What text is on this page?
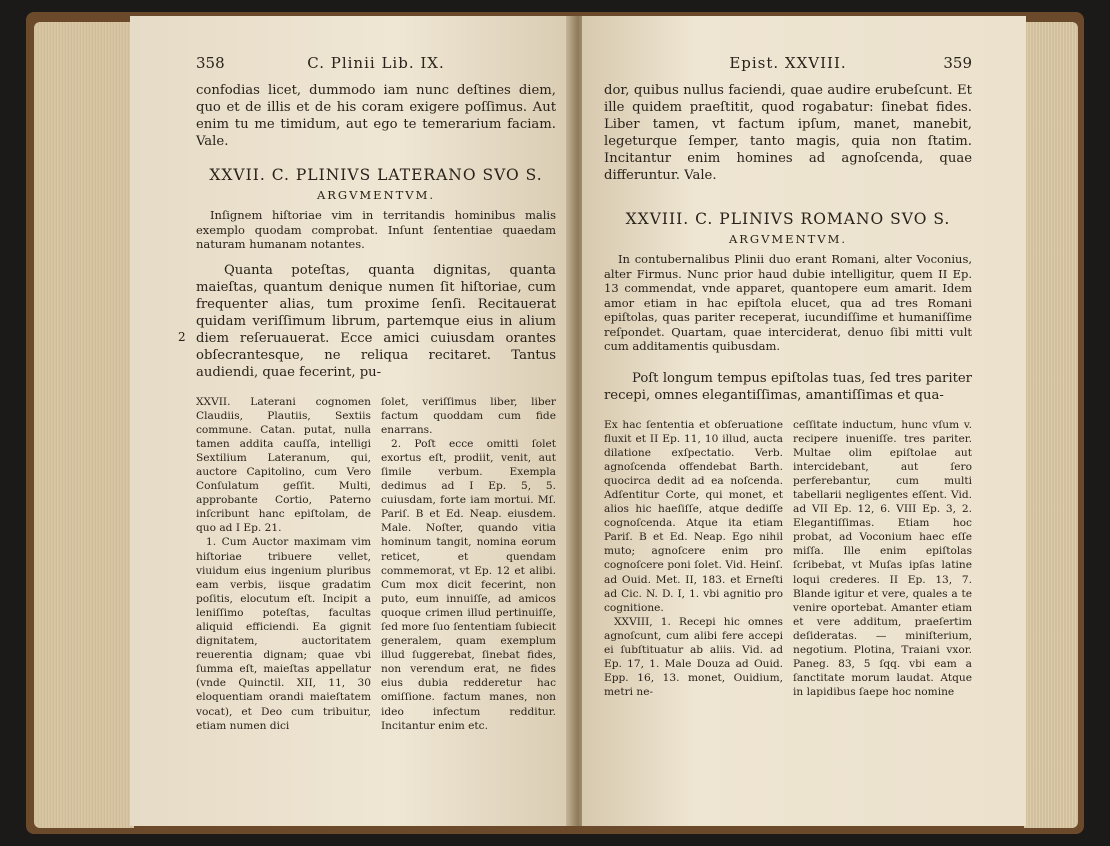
358	C. Plinii Lib. IX.

confodias licet, dummodo iam nunc deſtines diem, quo et de illis et de his coram exigere poſſimus. Aut enim tu me timidum, aut ego te temerarium faciam. Vale.

XXVII. C. PLINIVS LATERANO SVO S.
ARGVMENTVM.

Inſignem hiſtoriae vim in territandis hominibus malis exemplo quodam comprobat. Inſunt ſententiae quaedam naturam humanam notantes.

2

Quanta poteſtas, quanta dignitas, quanta maieſtas, quantum denique numen ſit hiſtoriae, cum frequenter alias, tum proxime ſenſi. Recitauerat quidam veriſſimum librum, partemque eius in alium diem reſeruauerat. Ecce amici cuiusdam orantes obſecrantesque, ne reliqua recitaret. Tantus audiendi, quae fecerint, pu-

XXVII. Laterani cognomen Claudiis, Plautiis, Sextiis commune. Catan. putat, nulla tamen addita cauſſa, intelligi Sextilium Lateranum, qui, auctore Capitolino, cum Vero Conſulatum geſſit. Multi, approbante Cortio, Paterno inſcribunt hanc epiſtolam, de quo ad I Ep. 21.

1. Cum Auctor maximam vim hiſtoriae tribuere vellet, viuidum eius ingenium pluribus eam verbis, iisque gradatim poſitis, elocutum eſt. Incipit a leniſſimo poteſtas, facultas aliquid efficiendi. Ea gignit dignitatem, auctoritatem reuerentia dignam; quae vbi ſumma eſt, maieſtas appellatur (vnde Quinctil. XII, 11, 30 eloquentiam orandi maieſtatem vocat), et Deo cum tribuitur, etiam numen dici

ſolet, veriſſimus liber, liber factum quoddam cum fide enarrans.

2. Poſt ecce omitti ſolet exortus eſt, prodiit, venit, aut ſimile verbum. Exempla dedimus ad I Ep. 5, 5. cuiusdam, forte iam mortui. Mſ. Pariſ. B et Ed. Neap. eiusdem. Male. Noſter, quando vitia hominum tangit, nomina eorum reticet, et quendam commemorat, vt Ep. 12 et alibi. Cum mox dicit fecerint, non puto, eum innuiſſe, ad amicos quoque crimen illud pertinuiſſe, ſed more ſuo ſententiam ſubiecit generalem, quam exemplum illud ſuggerebat, ſinebat fides, non verendum erat, ne fides eius dubia redderetur hac omiſſione. factum manes, non ideo infectum redditur. Incitantur enim etc.

Epist. XXVIII.	359

dor, quibus nullus faciendi, quae audire erubeſcunt. Et ille quidem praeſtitit, quod rogabatur: ſinebat fides. Liber tamen, vt factum ipſum, manet, manebit, legeturque ſemper, tanto magis, quia non ſtatim. Incitantur enim homines ad agnoſcenda, quae differuntur. Vale.

XXVIII. C. PLINIVS ROMANO SVO S.
ARGVMENTVM.

In contubernalibus Plinii duo erant Romani, alter Voconius, alter Firmus. Nunc prior haud dubie intelligitur, quem II Ep. 13 commendat, vnde apparet, quantopere eum amarit. Idem amor etiam in hac epiſtola elucet, qua ad tres Romani epiſtolas, quas pariter receperat, iucundiſſime et humaniſſime reſpondet. Quartam, quae interciderat, denuo ſibi mitti vult cum additamentis quibusdam.

Poſt longum tempus epiſtolas tuas, ſed tres pariter recepi, omnes elegantiſſimas, amantiſſimas et qua-

Ex hac ſententia et obſeruatione fluxit et II Ep. 11, 10 illud, aucta dilatione exſpectatio. Verb. agnoſcenda offendebat Barth. quocirca dedit ad ea noſcenda. Adſentitur Corte, qui monet, et alios hic haeſiſſe, atque dediſſe cognoſcenda. Atque ita etiam Pariſ. B et Ed. Neap. Ego nihil muto; agnoſcere enim pro cognoſcere poni ſolet. Vid. Heinſ. ad Ouid. Met. II, 183. et Erneſti ad Cic. N. D. I, 1. vbi agnitio pro cognitione.

XXVIII, 1. Recepi hic omnes agnoſcunt, cum alibi fere accepi ei ſubſtituatur ab aliis. Vid. ad Ep. 17, 1. Male Douza ad Ouid. Epp. 16, 13. monet, Ouidium, metri ne-

ceſſitate inductum, hunc vſum v. recipere inueniſſe. tres pariter. Multae olim epiſtolae aut intercidebant, aut ſero perferebantur, cum multi tabellarii negligentes eſſent. Vid. ad VII Ep. 12, 6. VIII Ep. 3, 2. Elegantiſſimas. Etiam hoc probat, ad Voconium haec eſſe miſſa. Ille enim epiſtolas ſcribebat, vt Muſas ipſas latine loqui crederes. II Ep. 13, 7. Blande igitur et vere, quales a te venire oportebat. Amanter etiam et vere additum, praeſertim deſideratas. — miniſterium, negotium. Plotina, Traiani vxor. Paneg. 83, 5 ſqq. vbi eam a ſanctitate morum laudat. Atque in lapidibus ſaepe hoc nomine
